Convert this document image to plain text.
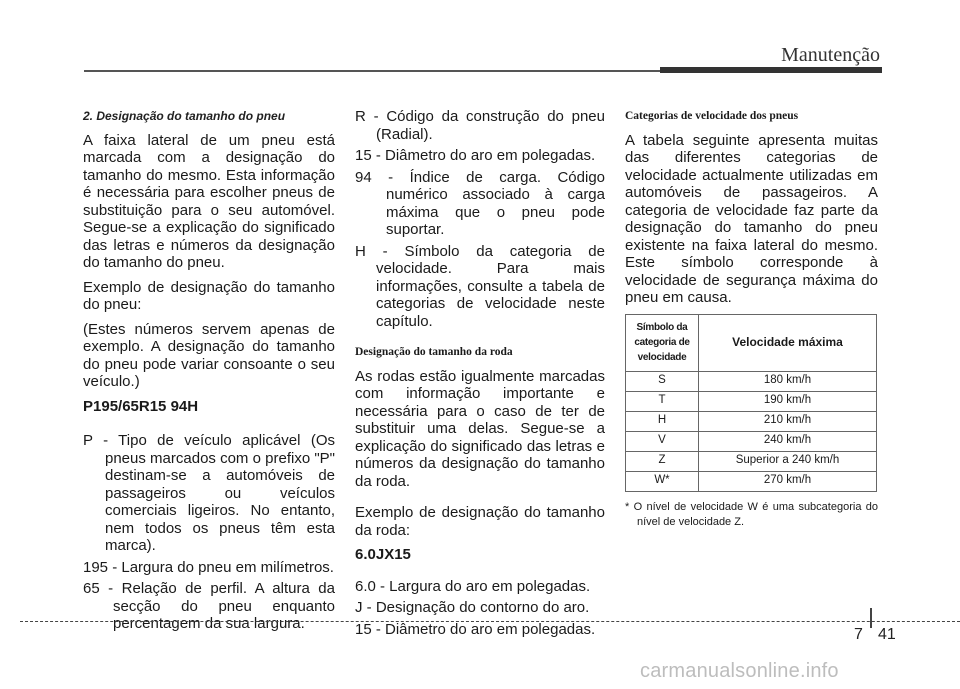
Manutenção

2. Designação do tamanho do pneu

A faixa lateral de um pneu está marcada com a designação do tamanho do mesmo. Esta informação é necessária para escolher pneus de substituição para o seu automóvel. Segue-se a explicação do significado das letras e números da designação do tamanho do pneu.

Exemplo de designação do tamanho do pneu:

(Estes números servem apenas de exemplo. A designação do tamanho do pneu pode variar consoante o seu veículo.)

P195/65R15 94H

P - Tipo de veículo aplicável (Os pneus marcados com o prefixo "P" destinam-se a automóveis de passageiros ou veículos comerciais ligeiros. No entanto, nem todos os pneus têm esta marca).

195 - Largura do pneu em milímetros.

65 - Relação de perfil. A altura da secção do pneu enquanto percentagem da sua largura.

R - Código da construção do pneu (Radial).

15 - Diâmetro do aro em polegadas.

94 - Índice de carga. Código numérico associado à carga máxima que o pneu pode suportar.

H - Símbolo da categoria de velocidade. Para mais informações, consulte a tabela de categorias de velocidade neste capítulo.

Designação do tamanho da roda

As rodas estão igualmente marcadas com informação importante e necessária para o caso de ter de substituir uma delas. Segue-se a explicação do significado das letras e números da designação do tamanho da roda.

Exemplo de designação do tamanho da roda:

6.0JX15

6.0 - Largura do aro em polegadas.

J - Designação do contorno do aro.

15 - Diâmetro do aro em polegadas.

Categorias de velocidade dos pneus

A tabela seguinte apresenta muitas das diferentes categorias de velocidade actualmente utilizadas em automóveis de passageiros. A categoria de velocidade faz parte da designação do tamanho do pneu existente na faixa lateral do mesmo. Este símbolo corresponde à velocidade de segurança máxima do pneu em causa.

Símbolo da categoria de velocidade	Velocidade máxima
S	180 km/h
T	190 km/h
H	210 km/h
V	240 km/h
Z	Superior a 240 km/h
W*	270 km/h

* O nível de velocidade W é uma subcategoria do nível de velocidade Z.

7 41
carmanualsonline.info
